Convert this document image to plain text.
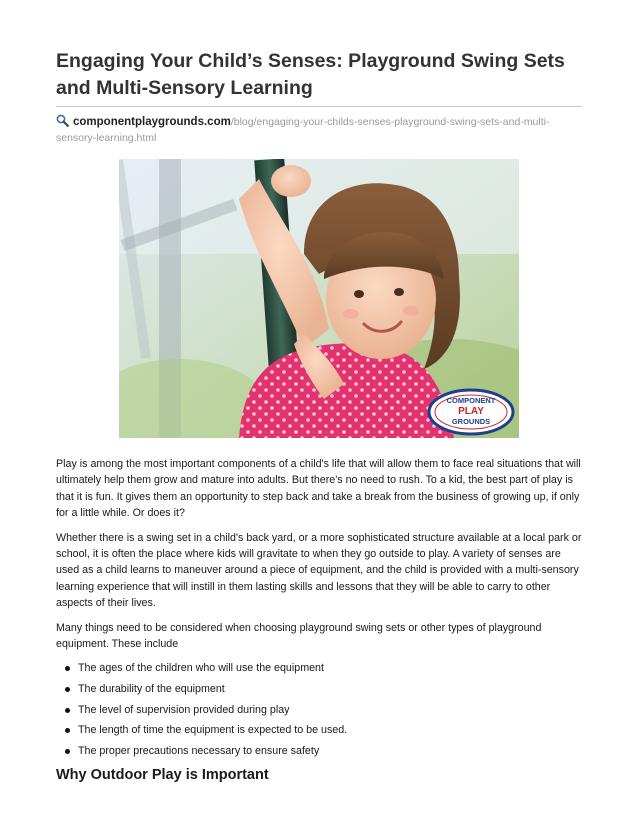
Engaging Your Child’s Senses: Playground Swing Sets and Multi-Sensory Learning
componentplaygrounds.com/blog/engaging-your-childs-senses-playground-swing-sets-and-multi-sensory-learning.html
COMPONENT
PLAY
GROUNDS

Play is among the most important components of a child's life that will allow them to face real situations that will ultimately help them grow and mature into adults. But there's no need to rush. To a kid, the best part of play is that it is fun. It gives them an opportunity to step back and take a break from the business of growing up, if only for a little while. Or does it?

Whether there is a swing set in a child's back yard, or a more sophisticated structure available at a local park or school, it is often the place where kids will gravitate to when they go outside to play. A variety of senses are used as a child learns to maneuver around a piece of equipment, and the child is provided with a multi-sensory learning experience that will instill in them lasting skills and lessons that they will be able to carry to other aspects of their lives.

Many things need to be considered when choosing playground swing sets or other types of playground equipment. These include

The ages of the children who will use the equipment
The durability of the equipment
The level of supervision provided during play
The length of time the equipment is expected to be used.
The proper precautions necessary to ensure safety
Why Outdoor Play is Important
